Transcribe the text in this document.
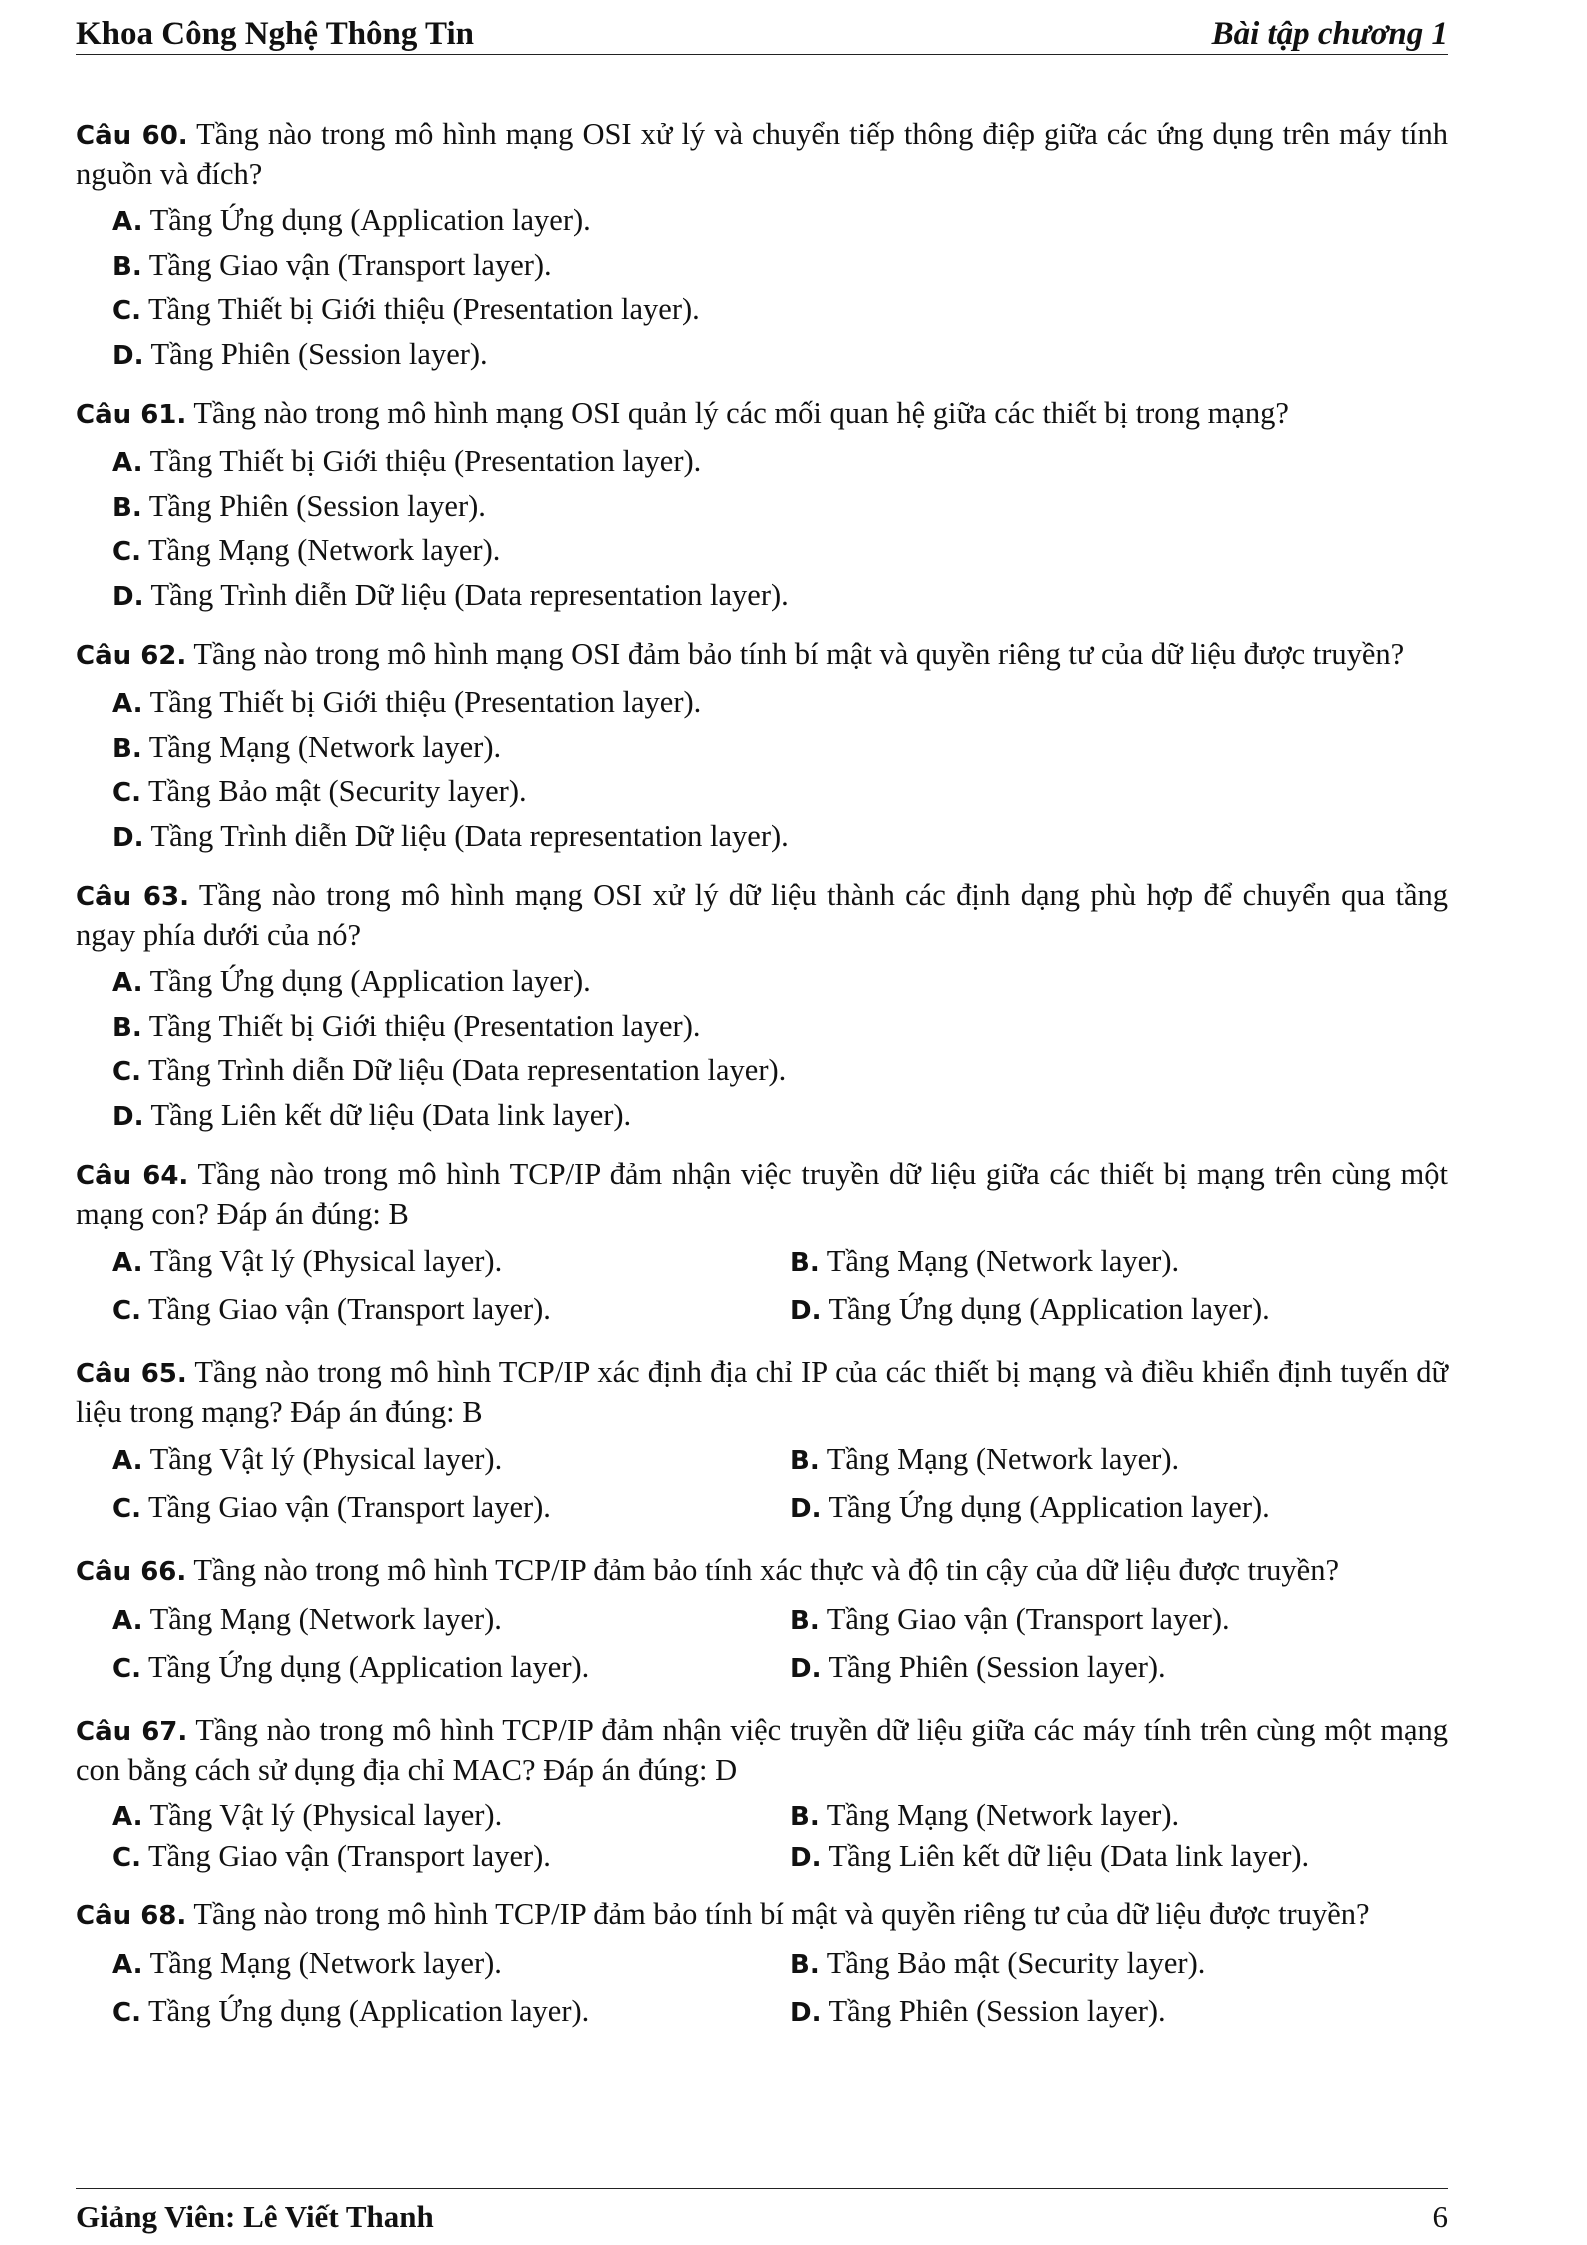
Khoa Công Nghệ Thông Tin	Bài tập chương 1
Câu 60. Tầng nào trong mô hình mạng OSI xử lý và chuyển tiếp thông điệp giữa các ứng dụng trên máy tính nguồn và đích?
A. Tầng Ứng dụng (Application layer).
B. Tầng Giao vận (Transport layer).
C. Tầng Thiết bị Giới thiệu (Presentation layer).
D. Tầng Phiên (Session layer).
Câu 61. Tầng nào trong mô hình mạng OSI quản lý các mối quan hệ giữa các thiết bị trong mạng?
A. Tầng Thiết bị Giới thiệu (Presentation layer).
B. Tầng Phiên (Session layer).
C. Tầng Mạng (Network layer).
D. Tầng Trình diễn Dữ liệu (Data representation layer).
Câu 62. Tầng nào trong mô hình mạng OSI đảm bảo tính bí mật và quyền riêng tư của dữ liệu được truyền?
A. Tầng Thiết bị Giới thiệu (Presentation layer).
B. Tầng Mạng (Network layer).
C. Tầng Bảo mật (Security layer).
D. Tầng Trình diễn Dữ liệu (Data representation layer).
Câu 63. Tầng nào trong mô hình mạng OSI xử lý dữ liệu thành các định dạng phù hợp để chuyển qua tầng ngay phía dưới của nó?
A. Tầng Ứng dụng (Application layer).
B. Tầng Thiết bị Giới thiệu (Presentation layer).
C. Tầng Trình diễn Dữ liệu (Data representation layer).
D. Tầng Liên kết dữ liệu (Data link layer).
Câu 64. Tầng nào trong mô hình TCP/IP đảm nhận việc truyền dữ liệu giữa các thiết bị mạng trên cùng một mạng con? Đáp án đúng: B
A. Tầng Vật lý (Physical layer).	B. Tầng Mạng (Network layer).
C. Tầng Giao vận (Transport layer).	D. Tầng Ứng dụng (Application layer).
Câu 65. Tầng nào trong mô hình TCP/IP xác định địa chỉ IP của các thiết bị mạng và điều khiển định tuyến dữ liệu trong mạng? Đáp án đúng: B
A. Tầng Vật lý (Physical layer).	B. Tầng Mạng (Network layer).
C. Tầng Giao vận (Transport layer).	D. Tầng Ứng dụng (Application layer).
Câu 66. Tầng nào trong mô hình TCP/IP đảm bảo tính xác thực và độ tin cậy của dữ liệu được truyền?
A. Tầng Mạng (Network layer).	B. Tầng Giao vận (Transport layer).
C. Tầng Ứng dụng (Application layer).	D. Tầng Phiên (Session layer).
Câu 67. Tầng nào trong mô hình TCP/IP đảm nhận việc truyền dữ liệu giữa các máy tính trên cùng một mạng con bằng cách sử dụng địa chỉ MAC? Đáp án đúng: D
A. Tầng Vật lý (Physical layer).	B. Tầng Mạng (Network layer).
C. Tầng Giao vận (Transport layer).	D. Tầng Liên kết dữ liệu (Data link layer).
Câu 68. Tầng nào trong mô hình TCP/IP đảm bảo tính bí mật và quyền riêng tư của dữ liệu được truyền?
A. Tầng Mạng (Network layer).	B. Tầng Bảo mật (Security layer).
C. Tầng Ứng dụng (Application layer).	D. Tầng Phiên (Session layer).
Giảng Viên: Lê Viết Thanh	6
